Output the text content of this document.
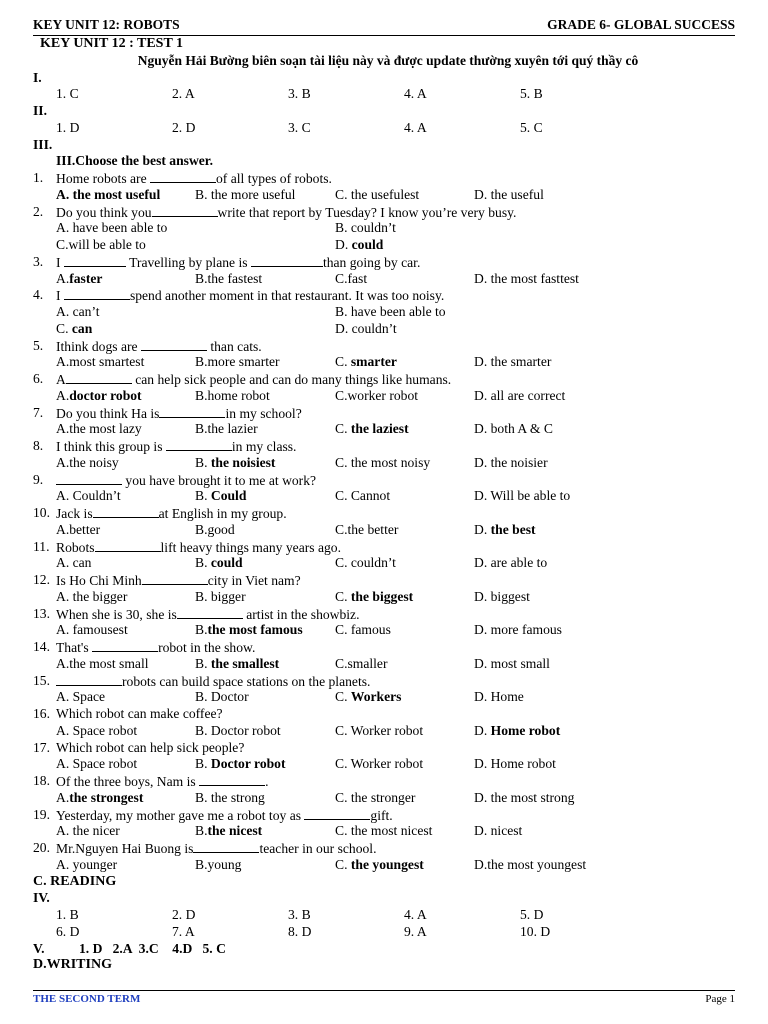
KEY UNIT 12: ROBOTS	GRADE 6- GLOBAL SUCCESS
KEY UNIT 12 : TEST 1
Nguyễn Hải Bường biên soạn tài liệu này và được update thường xuyên tới quý thầy cô
I.
1. C	2. A	3. B	4. A	5. B
II.
1. D	2. D	3. C	4. A	5. C
III.
III.Choose the best answer.
1. Home robots are	of all types of robots.
A. the most useful	B. the more useful	C. the usefulest	D. the useful
2. Do you think you	write that report by Tuesday? I know you’re very busy.
A. have been able to	B. couldn’t
C.will be able to	D. could
3. I	Travelling by plane is	than going by car.
A.faster	B.the fastest	C.fast	D. the most fasttest
4. I	spend another moment in that restaurant. It was too noisy.
A. can’t	B. have been able to
C. can	D. couldn’t
5. Ithink dogs are	than cats.
A.most smartest	B.more smarter	C. smarter	D. the smarter
6. A	can help sick people and can do many things like humans.
A.doctor robot	B.home robot	C.worker robot	D. all are correct
7. Do you think Ha is	in my school?
A.the most lazy	B.the lazier	C. the laziest	D. both A & C
8. I think this group is	in my class.
A.the noisy	B. the noisiest	C. the most noisy	D. the noisier
9.	you have brought it to me at work?
A. Couldn’t	B. Could	C. Cannot	D. Will be able to
10. Jack is	at English in my group.
A.better	B.good	C.the better	D. the best
11. Robots	lift heavy things many years ago.
A. can	B. could	C. couldn’t	D. are able to
12. Is Ho Chi Minh	city in Viet nam?
A. the bigger	B. bigger	C. the biggest	D. biggest
13. When she is 30, she is	artist in the showbiz.
A. famousest	B.the most famous C. famous	D. more famous
14. That's	robot in the show.
A.the most small	B. the smallest	C.smaller	D. most small
15.	robots can build space stations on the planets.
A. Space	B. Doctor	C. Workers	D. Home
16. Which robot can make coffee?
A. Space robot	B. Doctor robot	C. Worker robot	D. Home robot
17. Which robot can help sick people?
A. Space robot	B. Doctor robot	C. Worker robot	D. Home robot
18. Of the three boys, Nam is	.
A.the strongest	B. the strong	C. the stronger	D. the most strong
19. Yesterday, my mother gave me a robot toy as	gift.
A. the nicer	B.the nicest	C. the most nicest	D. nicest
20. Mr.Nguyen Hai Buong is	teacher in our school.
A. younger	B.young	C. the youngest	D.the most youngest
C. READING
IV.
1. B	2. D	3. B	4. A	5. D
6. D	7. A	8. D	9. A	10. D
V.	1. D   2.A  3.C    4.D   5. C
D.WRITING
THE SECOND TERM	Page 1
